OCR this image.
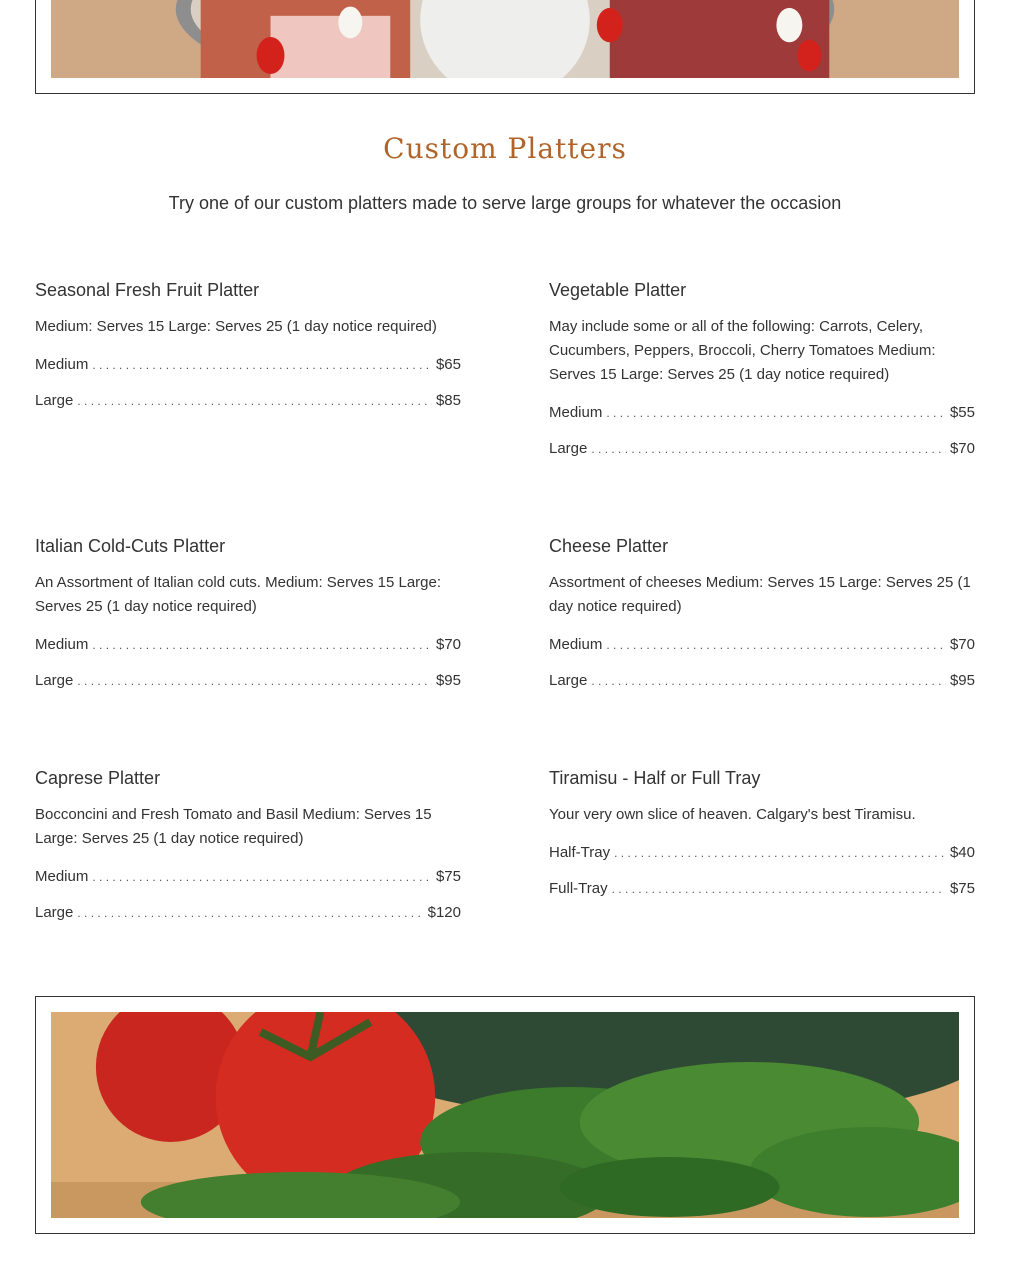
Custom Platters

Try one of our custom platters made to serve large groups for whatever the occasion

Seasonal Fresh Fruit Platter

Medium: Serves 15 Large: Serves 25 (1 day notice required)

Medium . . .	$65
Large . . .	$85
Vegetable Platter

May include some or all of the following: Carrots, Celery, Cucumbers, Peppers, Broccoli, Cherry Tomatoes Medium: Serves 15 Large: Serves 25 (1 day notice required)

Medium . . .	$55
Large . . .	$70
Italian Cold-Cuts Platter

An Assortment of Italian cold cuts. Medium: Serves 15 Large: Serves 25 (1 day notice required)

Medium . . .	$70
Large . . .	$95
Cheese Platter

Assortment of cheeses Medium: Serves 15 Large: Serves 25 (1 day notice required)

Medium . . .	$70
Large . . .	$95
Caprese Platter

Bocconcini and Fresh Tomato and Basil Medium: Serves 15 Large: Serves 25 (1 day notice required)

Medium . . .	$75
Large . . .	$120
Tiramisu - Half or Full Tray

Your very own slice of heaven. Calgary's best Tiramisu.

Half-Tray . . .	$40
Full-Tray . . .	$75
